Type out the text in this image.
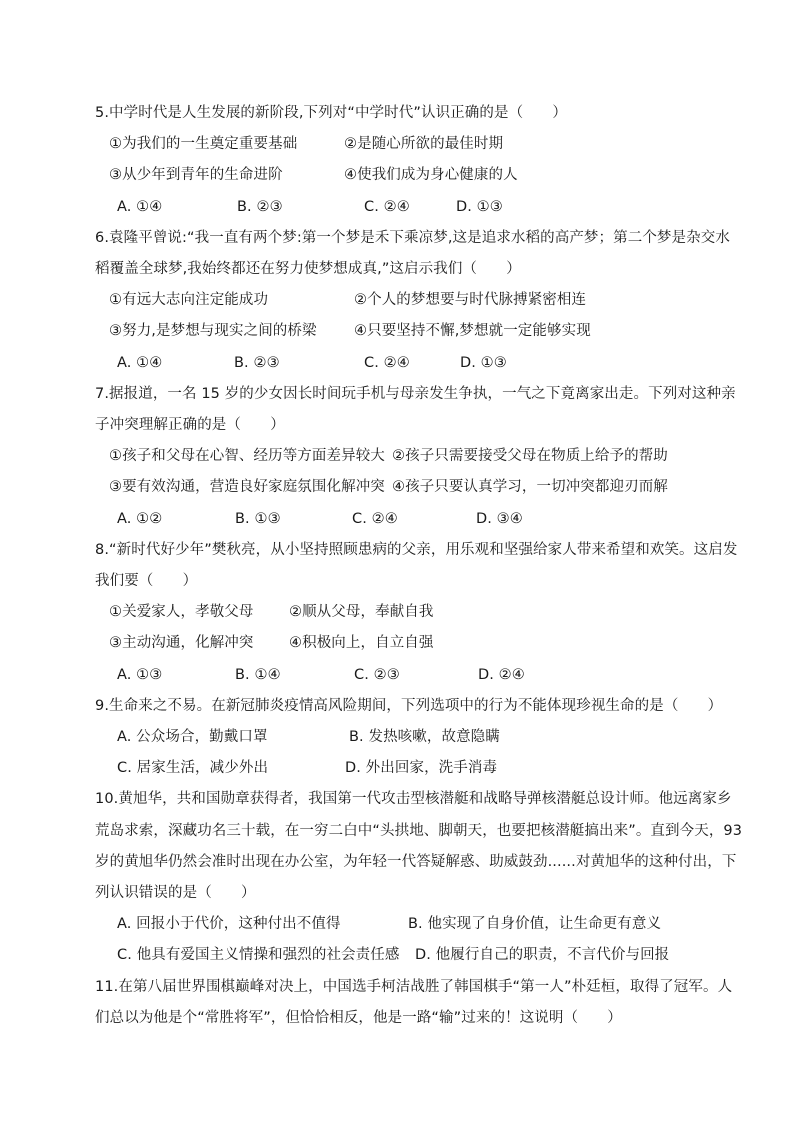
5.中学时代是人生发展的新阶段,下列对“中学时代”认识正确的是（　　）
①为我们的一生奠定重要基础	②是随心所欲的最佳时期
③从少年到青年的生命进阶	④使我们成为身心健康的人
A. ①④	B. ②③	C. ②④	D. ①③
6.袁隆平曾说:“我一直有两个梦:第一个梦是禾下乘凉梦,这是追求水稻的高产梦；第二个梦是杂交水
稻覆盖全球梦,我始终都还在努力使梦想成真,”这启示我们（　　）
①有远大志向注定能成功	②个人的梦想要与时代脉搏紧密相连
③努力,是梦想与现实之间的桥梁	④只要坚持不懈,梦想就一定能够实现
A. ①④	B. ②③	C. ②④	D. ①③
7.据报道，一名 15 岁的少女因长时间玩手机与母亲发生争执，一气之下竟离家出走。下列对这种亲
子冲突理解正确的是（　　）
①孩子和父母在心智、经历等方面差异较大 ②孩子只需要接受父母在物质上给予的帮助
③要有效沟通，营造良好家庭氛围化解冲突 ④孩子只要认真学习，一切冲突都迎刃而解
A. ①②	B. ①③	C. ②④	D. ③④
8.“新时代好少年”樊秋亮，从小坚持照顾患病的父亲，用乐观和坚强给家人带来希望和欢笑。这启发
我们要（　　）
①关爱家人，孝敬父母	②顺从父母，奉献自我
③主动沟通，化解冲突	④积极向上，自立自强
A. ①③	B. ①④	C. ②③	D. ②④
9.生命来之不易。在新冠肺炎疫情高风险期间，下列选项中的行为不能体现珍视生命的是（　　）
A. 公众场合，勤戴口罩	B. 发热咳嗽，故意隐瞒
C. 居家生活，减少外出	D. 外出回家，洗手消毒
10.黄旭华，共和国勋章获得者，我国第一代攻击型核潜艇和战略导弹核潜艇总设计师。他远离家乡
荒岛求索，深藏功名三十载，在一穷二白中“头拱地、脚朝天，也要把核潜艇搞出来”。直到今天，93
岁的黄旭华仍然会准时出现在办公室，为年轻一代答疑解惑、助威鼓劲......对黄旭华的这种付出，下
列认识错误的是（　　）
A. 回报小于代价，这种付出不值得	B. 他实现了自身价值，让生命更有意义
C. 他具有爱国主义情操和强烈的社会责任感	D. 他履行自己的职责，不言代价与回报
11.在第八届世界围棋巅峰对决上，中国选手柯洁战胜了韩国棋手“第一人”朴廷桓，取得了冠军。人
们总以为他是个“常胜将军”，但恰恰相反，他是一路“输”过来的！这说明（　　）
